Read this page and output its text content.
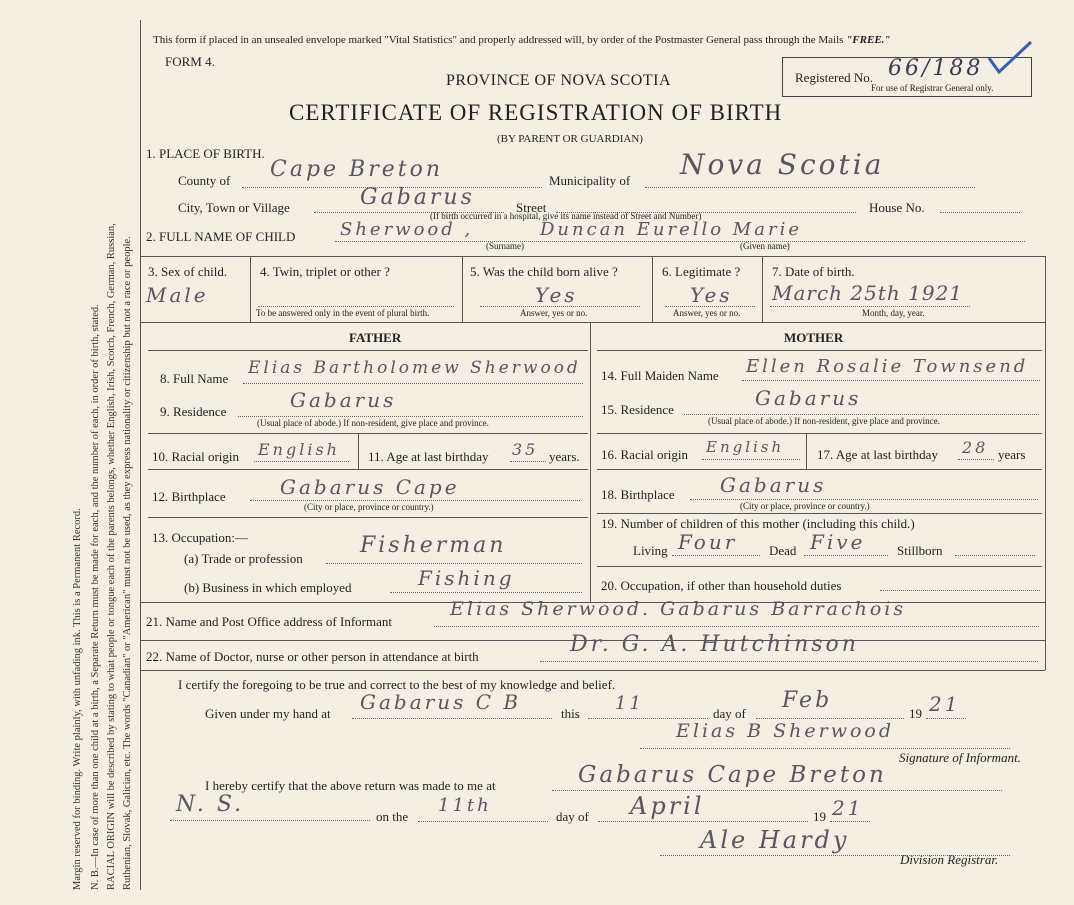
Margin reserved for binding. Write plainly, with unfading ink. This is a Permanent Record. N. B.—In case of more than one child at a birth, a Separate Return must be made for each, and the number of each, in order of birth, stated. RACIAL ORIGIN will be described by stating to what people or tongue each of the parents belongs, whether English, Irish, Scotch, French, German, Russian, Ruthenian, Slovak, Galician, etc. The words "Canadian" or "American" must not be used, as they express nationality or citizenship but not a race or people.
This form if placed in an unsealed envelope marked "Vital Statistics" and properly addressed will, by order of the Postmaster General pass through the Mails "FREE."
FORM 4.
Registered No. 66/188
For use of Registrar General only.
PROVINCE OF NOVA SCOTIA
CERTIFICATE OF REGISTRATION OF BIRTH
(BY PARENT OR GUARDIAN)
1. PLACE OF BIRTH.
County of Cape Breton	Municipality of Nova Scotia
City, Town or Village	Gabarus	Street	House No.
(If birth occurred in a hospital, give its name instead of Street and Number)
2. FULL NAME OF CHILD Sherwood ,	Duncan Eurello Marie
(Surname)	(Given name)
3. Sex of child.
Male
4. Twin, triplet or other ?
To be answered only in the event of plural birth.
5. Was the child born alive ?
Yes
Answer, yes or no.
6. Legitimate ?
Yes
Answer, yes or no.
7. Date of birth.
March 25th 1921
Month, day, year.
FATHER	MOTHER
8. Full Name
Elias Bartholomew Sherwood
9. Residence	Gabarus
(Usual place of abode.) If non-resident, give place and province.
10. Racial origin English 11. Age at last birthday 35 years.
12. Birthplace	Gabarus Cape
(City or place, province or country.)
13. Occupation:—
(a) Trade or profession
Fisherman
(b) Business in which employed	Fishing
14. Full Maiden Name Ellen Rosalie Townsend
15. Residence	Gabarus
(Usual place of abode.) If non-resident, give place and province.
16. Racial origin English	17. Age at last birthday 28 years
18. Birthplace Gabarus
(City or place, province or country.)
19. Number of children of this mother (including this child.)
Living Four Dead Five Stillborn
20. Occupation, if other than household duties
21. Name and Post Office address of Informant
Elias Sherwood. Gabarus Barrachois
22. Name of Doctor, nurse or other person in attendance at birth	Dr. G. A. Hutchinson
I certify the foregoing to be true and correct to the best of my knowledge and belief.
Given under my hand at Gabarus C B	this 11	day of
Feb
19 21
Elias B Sherwood
Signature of Informant.
I hereby certify that the above return was made to me at	Gabarus Cape Breton
N. S.	on the
11th
day of April	19 21
Ale Hardy
Division Registrar.
